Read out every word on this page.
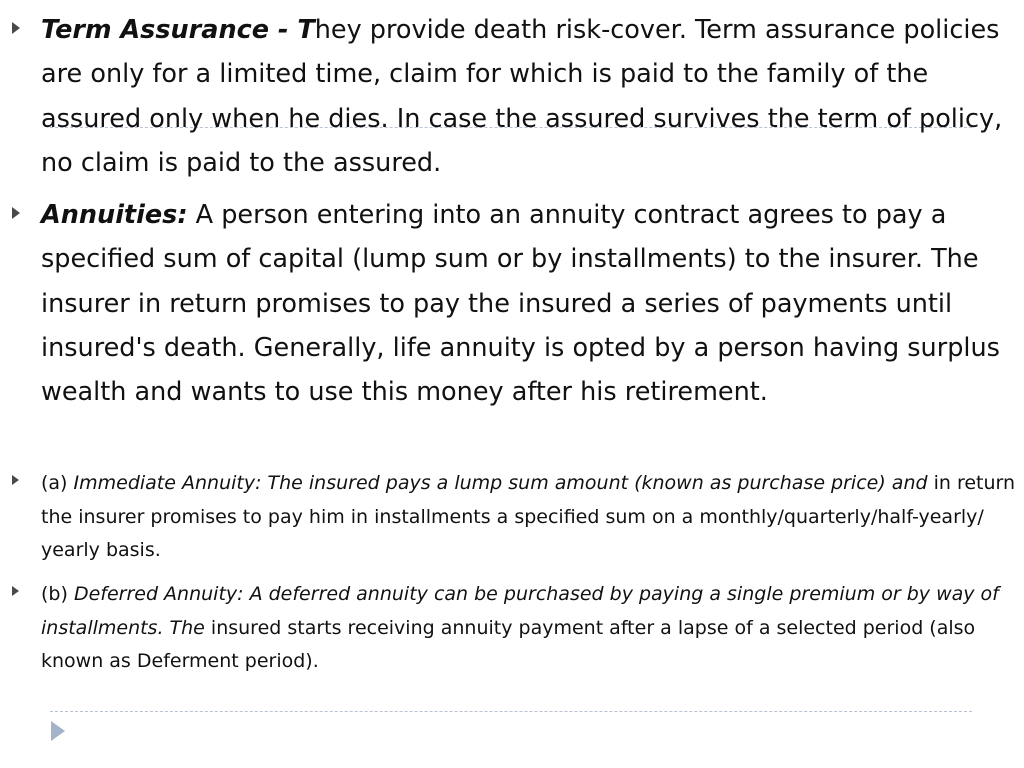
Term Assurance - They provide death risk-cover. Term assurance policies are only for a limited time, claim for which is paid to the family of the assured only when he dies. In case the assured survives the term of policy, no claim is paid to the assured.
Annuities: A person entering into an annuity contract agrees to pay a specified sum of capital (lump sum or by installments) to the insurer. The insurer in return promises to pay the insured a series of payments until insured's death. Generally, life annuity is opted by a person having surplus wealth and wants to use this money after his retirement.
(a) Immediate Annuity: The insured pays a lump sum amount (known as purchase price) and in return the insurer promises to pay him in installments a specified sum on a monthly/quarterly/half-yearly/ yearly basis.
(b) Deferred Annuity: A deferred annuity can be purchased by paying a single premium or by way of installments. The insured starts receiving annuity payment after a lapse of a selected period (also known as Deferment period).
